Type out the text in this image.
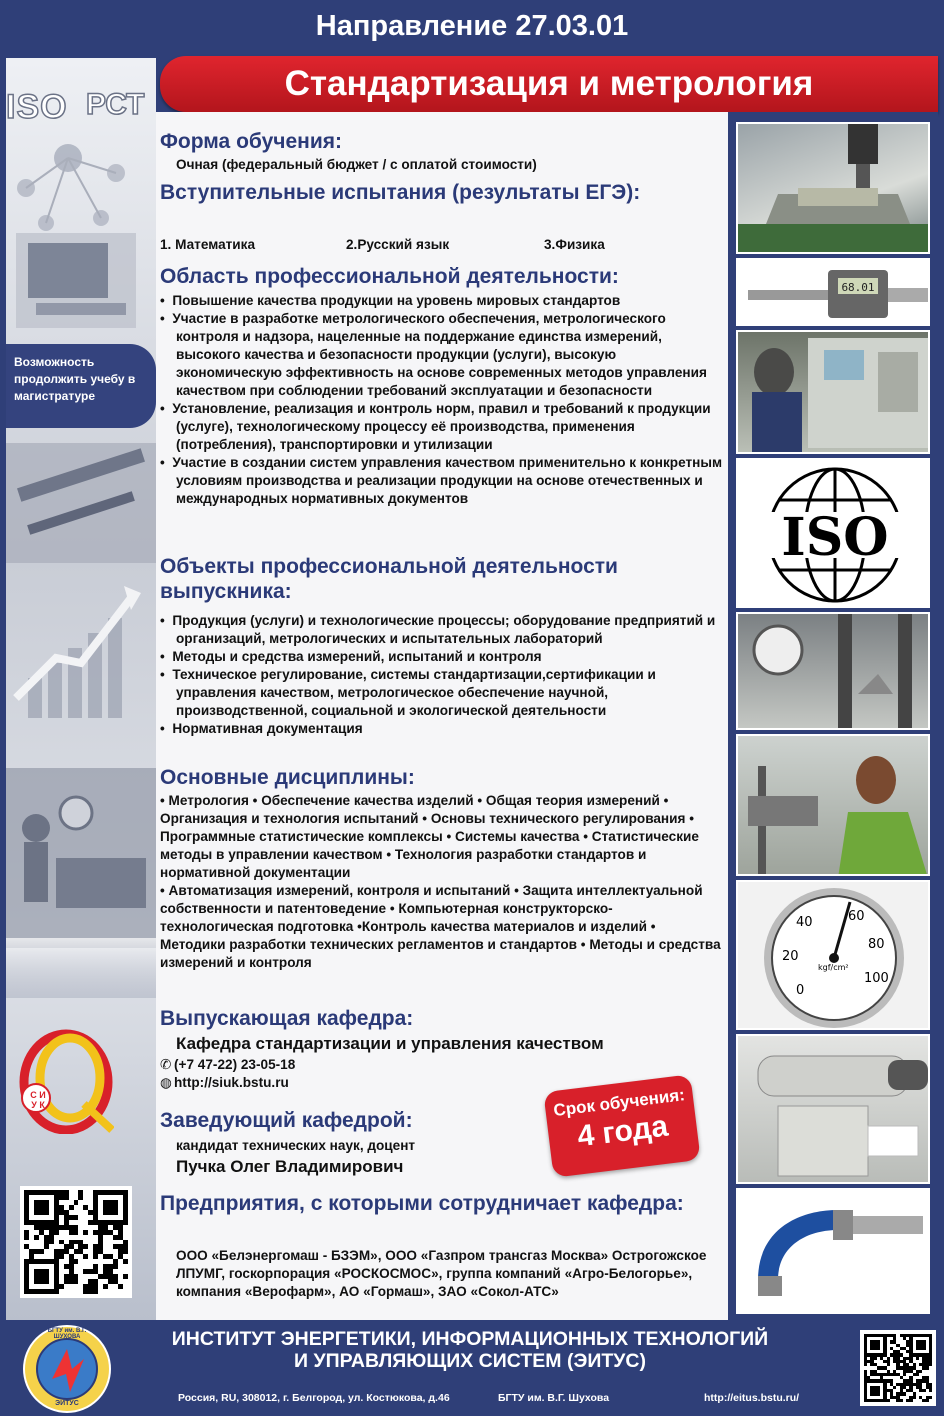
Направление 27.03.01
Стандартизация и метрология
ISO РСТ
Возможность продолжить учебу в магистратуре
С И
У К
Форма обучения:
Очная (федеральный бюджет / с оплатой стоимости)
Вступительные испытания (результаты ЕГЭ):
1. Математика	2.Русский язык	3.Физика
Область профессиональной деятельности:

•  Повышение качества продукции на уровень мировых стандартов

•  Участие в разработке метрологического обеспечения, метрологического контроля и надзора, нацеленные на поддержание единства измерений, высокого качества и безопасности продукции (услуги), высокую экономическую эффективность на основе современных методов управления качеством при соблюдении требований эксплуатации и безопасности

•  Установление, реализация и контроль норм, правил и требований к продукции (услуге), технологическому процессу её производства, применения (потребления), транспортировки и утилизации

•  Участие в создании систем управления качеством применительно к конкретным условиям производства и реализации продукции на основе отечественных и международных нормативных документов

Объекты профессиональной деятельности выпускника:

•  Продукция (услуги) и технологические процессы; оборудование предприятий и организаций, метрологических и испытательных лабораторий

•  Методы и средства измерений, испытаний и контроля

•  Техническое регулирование, системы стандартизации,сертификации и управления качеством, метрологическое обеспечение научной, производственной, социальной и экологической деятельности

•  Нормативная документация

Основные дисциплины:

• Метрология • Обеспечение качества изделий • Общая теория измерений • Организация и технология испытаний • Основы технического регулирования • Программные статистические комплексы • Системы качества • Статистические методы в управлении качеством • Технология разработки стандартов и нормативной документации

• Автоматизация измерений, контроля и испытаний • Защита интеллектуальной собственности и патентоведение • Компьютерная конструкторско-технологическая подготовка •Контроль качества материалов и изделий • Методики разработки технических регламентов и стандартов • Методы и средства измерений и контроля

Выпускающая кафедра:
Кафедра стандартизации и управления качеством
✆ (+7 47-22) 23-05-18
◍ http://siuk.bstu.ru
Заведующий кафедрой:
кандидат технических наук, доцент
Пучка Олег Владимирович
Предприятия, с которыми сотрудничает кафедра:
ООО «Белэнергомаш - БЗЭМ», ООО «Газпром трансгаз Москва» Острогожское ЛПУМГ, госкорпорация «РОСКОСМОС», группа компаний «Агро-Белогорье», компания «Верофарм», АО «Гормаш», ЗАО «Сокол-АТС»
Срок обучения:
4 года
68.01
ISO
0
20
40	60
80
100
kgf/cm²
БГТУ им. В.Г. ШУХОВА
ЭИТУС
ИНСТИТУТ ЭНЕРГЕТИКИ, ИНФОРМАЦИОННЫХ ТЕХНОЛОГИЙ
И УПРАВЛЯЮЩИХ СИСТЕМ (ЭИТУС)
Россия, RU, 308012, г. Белгород, ул. Костюкова, д.46	БГТУ им. В.Г. Шухова	http://eitus.bstu.ru/
